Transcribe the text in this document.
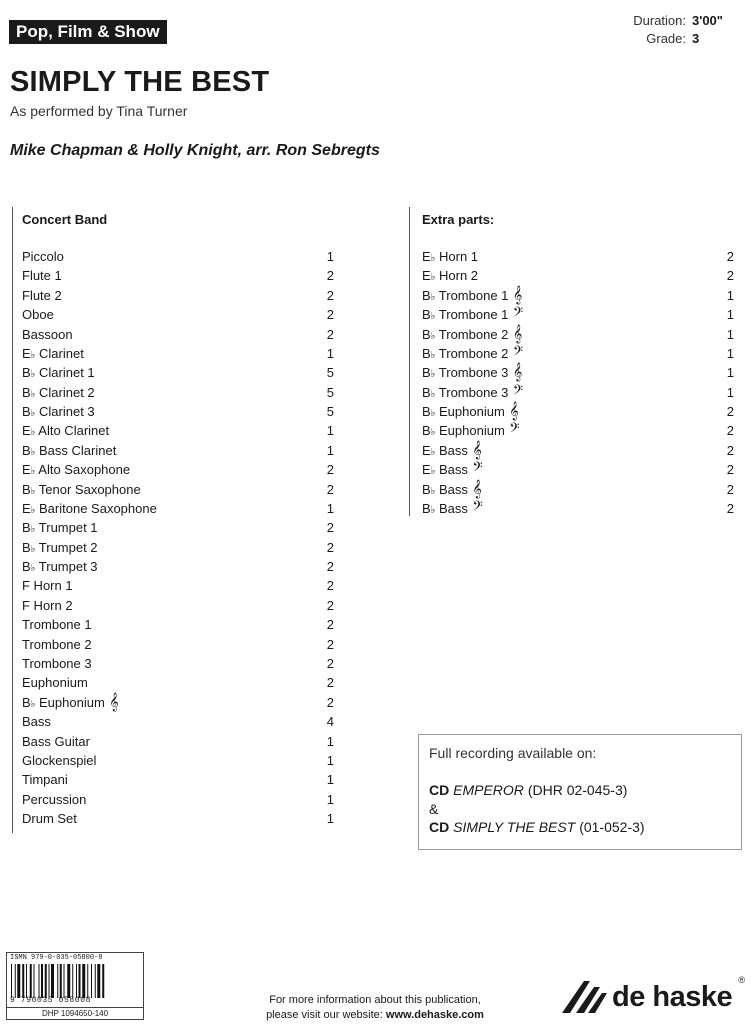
Pop, Film & Show
Duration: 3'00"
Grade: 3
SIMPLY THE BEST
As performed by Tina Turner
Mike Chapman & Holly Knight, arr. Ron Sebregts
Concert Band
Piccolo	1
Flute 1	2
Flute 2	2
Oboe	2
Bassoon	2
E♭ Clarinet	1
B♭ Clarinet 1	5
B♭ Clarinet 2	5
B♭ Clarinet 3	5
E♭ Alto Clarinet	1
B♭ Bass Clarinet	1
E♭ Alto Saxophone	2
B♭ Tenor Saxophone	2
E♭ Baritone Saxophone	1
B♭ Trumpet 1	2
B♭ Trumpet 2	2
B♭ Trumpet 3	2
F Horn 1	2
F Horn 2	2
Trombone 1	2
Trombone 2	2
Trombone 3	2
Euphonium	2
B♭ Euphonium 𝄞	2
Bass	4
Bass Guitar	1
Glockenspiel	1
Timpani	1
Percussion	1
Drum Set	1
Extra parts:
E♭ Horn 1	2
E♭ Horn 2	2
B♭ Trombone 1 𝄞	1
B♭ Trombone 1 𝄢	1
B♭ Trombone 2 𝄞	1
B♭ Trombone 2 𝄢	1
B♭ Trombone 3 𝄞	1
B♭ Trombone 3 𝄢	1
B♭ Euphonium 𝄞	2
B♭ Euphonium 𝄢	2
E♭ Bass 𝄞	2
E♭ Bass 𝄢	2
B♭ Bass 𝄞	2
B♭ Bass 𝄢	2
Full recording available on:
CD EMPEROR (DHR 02-045-3)
&
CD SIMPLY THE BEST (01-052-3)
ISMN 979-0-035-05800-8
9 790035 058008
DHP 1094650-140
For more information about this publication,
please visit our website: www.dehaske.com
de haske
®
